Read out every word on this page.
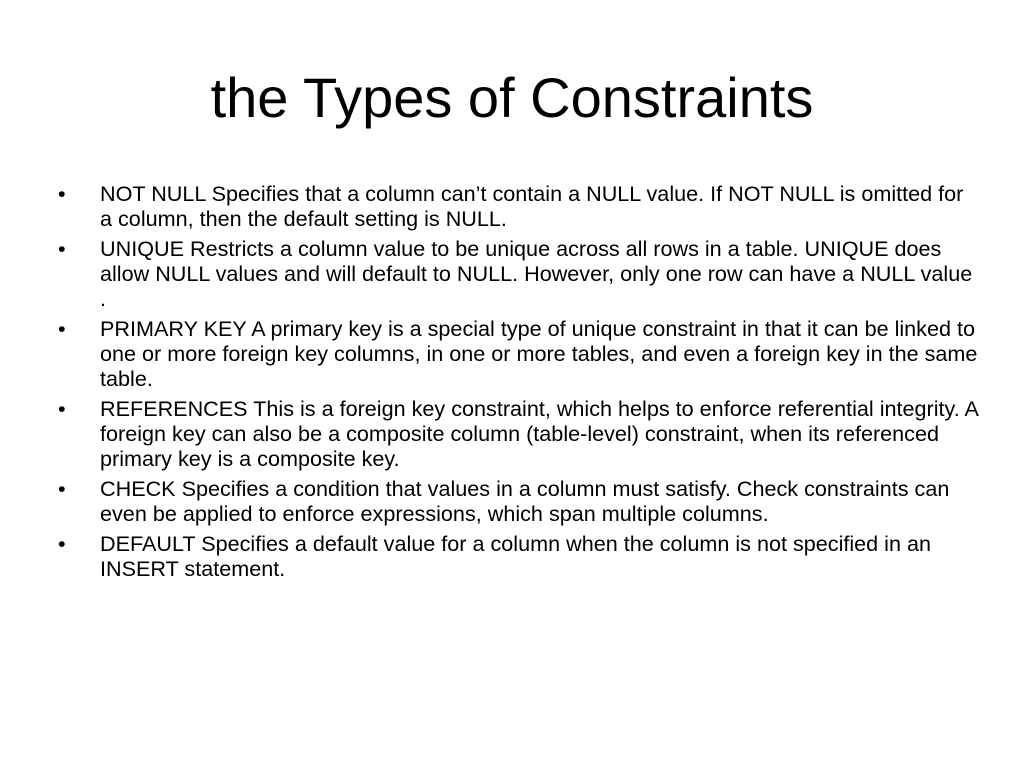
the Types of Constraints
•	NOT NULL Specifies that a column can’t contain a NULL value. If NOT NULL is omitted for a column, then the default setting is NULL.
•	UNIQUE Restricts a column value to be unique across all rows in a table. UNIQUE does allow NULL values and will default to NULL. However, only one row can have a NULL value .
•	PRIMARY KEY A primary key is a special type of unique constraint in that it can be linked to one or more foreign key columns, in one or more tables, and even a foreign key in the same table.
•	REFERENCES This is a foreign key constraint, which helps to enforce referential integrity. A foreign key can also be a composite column (table-level) constraint, when its referenced primary key is a composite key.
•	CHECK Specifies a condition that values in a column must satisfy. Check constraints can even be applied to enforce expressions, which span multiple columns.
•	DEFAULT Specifies a default value for a column when the column is not specified in an INSERT statement.
